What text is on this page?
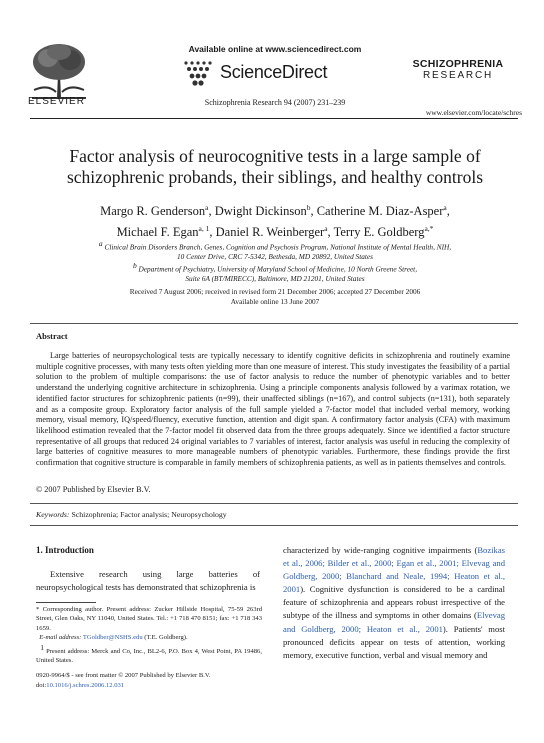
ELSEVIER
Available online at www.sciencedirect.com
ScienceDirect
Schizophrenia Research 94 (2007) 231–239
SCHIZOPHRENIA
RESEARCH
www.elsevier.com/locate/schres
Factor analysis of neurocognitive tests in a large sample of schizophrenic probands, their siblings, and healthy controls
Margo R. Genderson$^a$, Dwight Dickinson$^b$, Catherine M. Diaz-Asper$^a$,
Michael F. Egan$^{a, 1}$, Daniel R. Weinberger$^a$, Terry E. Goldberg$^{a,*}$
$^a$ Clinical Brain Disorders Branch, Genes, Cognition and Psychosis Program, National Institute of Mental Health, NIH,
10 Center Drive, CRC 7-5342, Bethesda, MD 20892, United States
$^b$ Department of Psychiatry, University of Maryland School of Medicine, 10 North Greene Street,
Suite 6A (BT/MIRECC), Baltimore, MD 21201, United States
Received 7 August 2006; received in revised form 21 December 2006; accepted 27 December 2006
Available online 13 June 2007
Abstract

Large batteries of neuropsychological tests are typically necessary to identify cognitive deficits in schizophrenia and routinely examine multiple cognitive processes, with many tests often yielding more than one measure of interest. This study investigates the feasibility of a partial solution to the problem of multiple comparisons: the use of factor analysis to reduce the number of phenotypic variables and to better understand the underlying cognitive architecture in schizophrenia. Using a principle components analysis followed by a varimax rotation, we identified factor structures for schizophrenic patients (n=99), their unaffected siblings (n=167), and control subjects (n=131), both separately and as a composite group. Exploratory factor analysis of the full sample yielded a 7-factor model that included verbal memory, working memory, visual memory, IQ/speed/fluency, executive function, attention and digit span. A confirmatory factor analysis (CFA) with maximum likelihood estimation revealed that the 7-factor model fit observed data from the three groups adequately. Since we identified a factor structure representative of all groups that reduced 24 original variables to 7 variables of interest, factor analysis was useful in reducing the complexity of large batteries of cognitive measures to more manageable numbers of phenotypic variables. Furthermore, these findings provide the first confirmation that cognitive structure is comparable in family members of schizophrenia patients, as well as in patients themselves and controls.

© 2007 Published by Elsevier B.V.
Keywords: Schizophrenia; Factor analysis; Neuropsychology
1. Introduction

Extensive research using large batteries of neuropsychological tests has demonstrated that schizophrenia is

* Corresponding author. Present address: Zucker Hillside Hospital, 75-59 263rd Street, Glen Oaks, NY 11040, United States. Tel.: +1 718 470 8151; fax: +1 718 343 1659.
E-mail address: TGoldber@NSHS.edu (T.E. Goldberg).
$^1$ Present address: Merck and Co, Inc., BL2-6, P.O. Box 4, West Point, PA 19486, United States.
0920-9964/$ - see front matter © 2007 Published by Elsevier B.V.
doi:10.1016/j.schres.2006.12.031
characterized by wide-ranging cognitive impairments (Bozikas et al., 2006; Bilder et al., 2000; Egan et al., 2001; Elvevag and Goldberg, 2000; Blanchard and Neale, 1994; Heaton et al., 2001). Cognitive dysfunction is considered to be a cardinal feature of schizophrenia and appears robust irrespective of the subtype of the illness and symptoms in other domains (Elvevag and Goldberg, 2000; Heaton et al., 2001). Patients' most pronounced deficits appear on tests of attention, working memory, executive function, verbal and visual memory and
